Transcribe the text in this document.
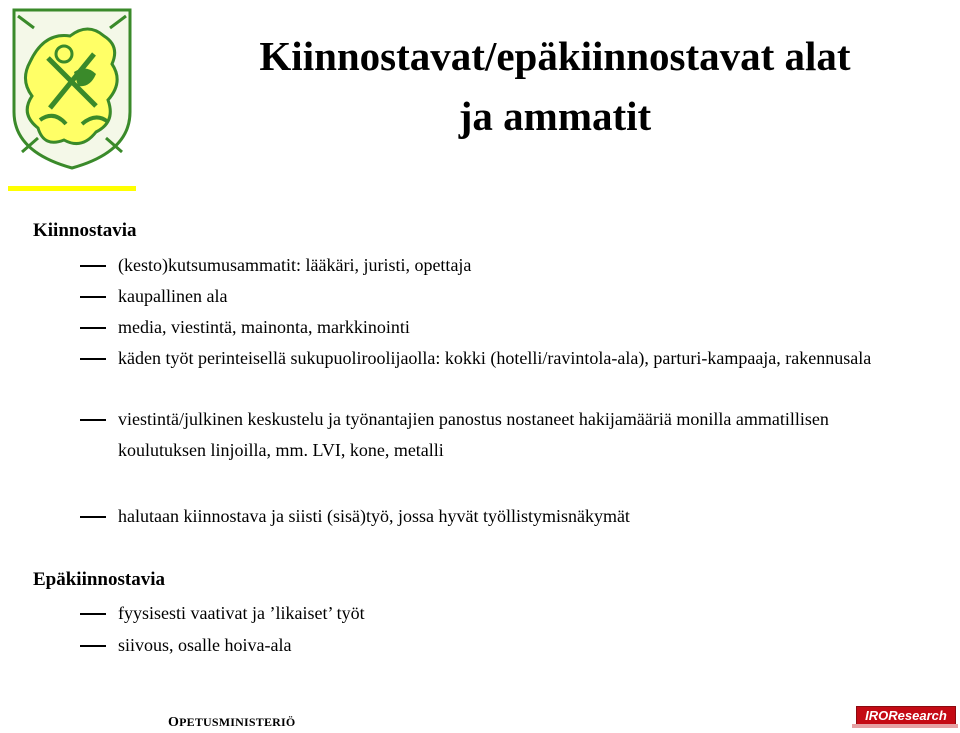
Kiinnostavat/epäkiinnostavat alat
ja ammatit
Kiinnostavia
(kesto)kutsumusammatit: lääkäri, juristi, opettaja
kaupallinen ala
media, viestintä, mainonta, markkinointi
käden työt perinteisellä sukupuoliroolijaolla: kokki (hotelli/ravintola-ala), parturi-kampaaja, rakennusala
viestintä/julkinen keskustelu ja työnantajien panostus nostaneet hakijamääriä monilla ammatillisen koulutuksen linjoilla, mm. LVI, kone, metalli
halutaan kiinnostava ja siisti (sisä)työ, jossa hyvät työllistymisnäkymät
Epäkiinnostavia
fyysisesti vaativat ja ’likaiset’ työt
siivous, osalle hoiva-ala
OPETUSMINISTERIÖ	IROResearch
